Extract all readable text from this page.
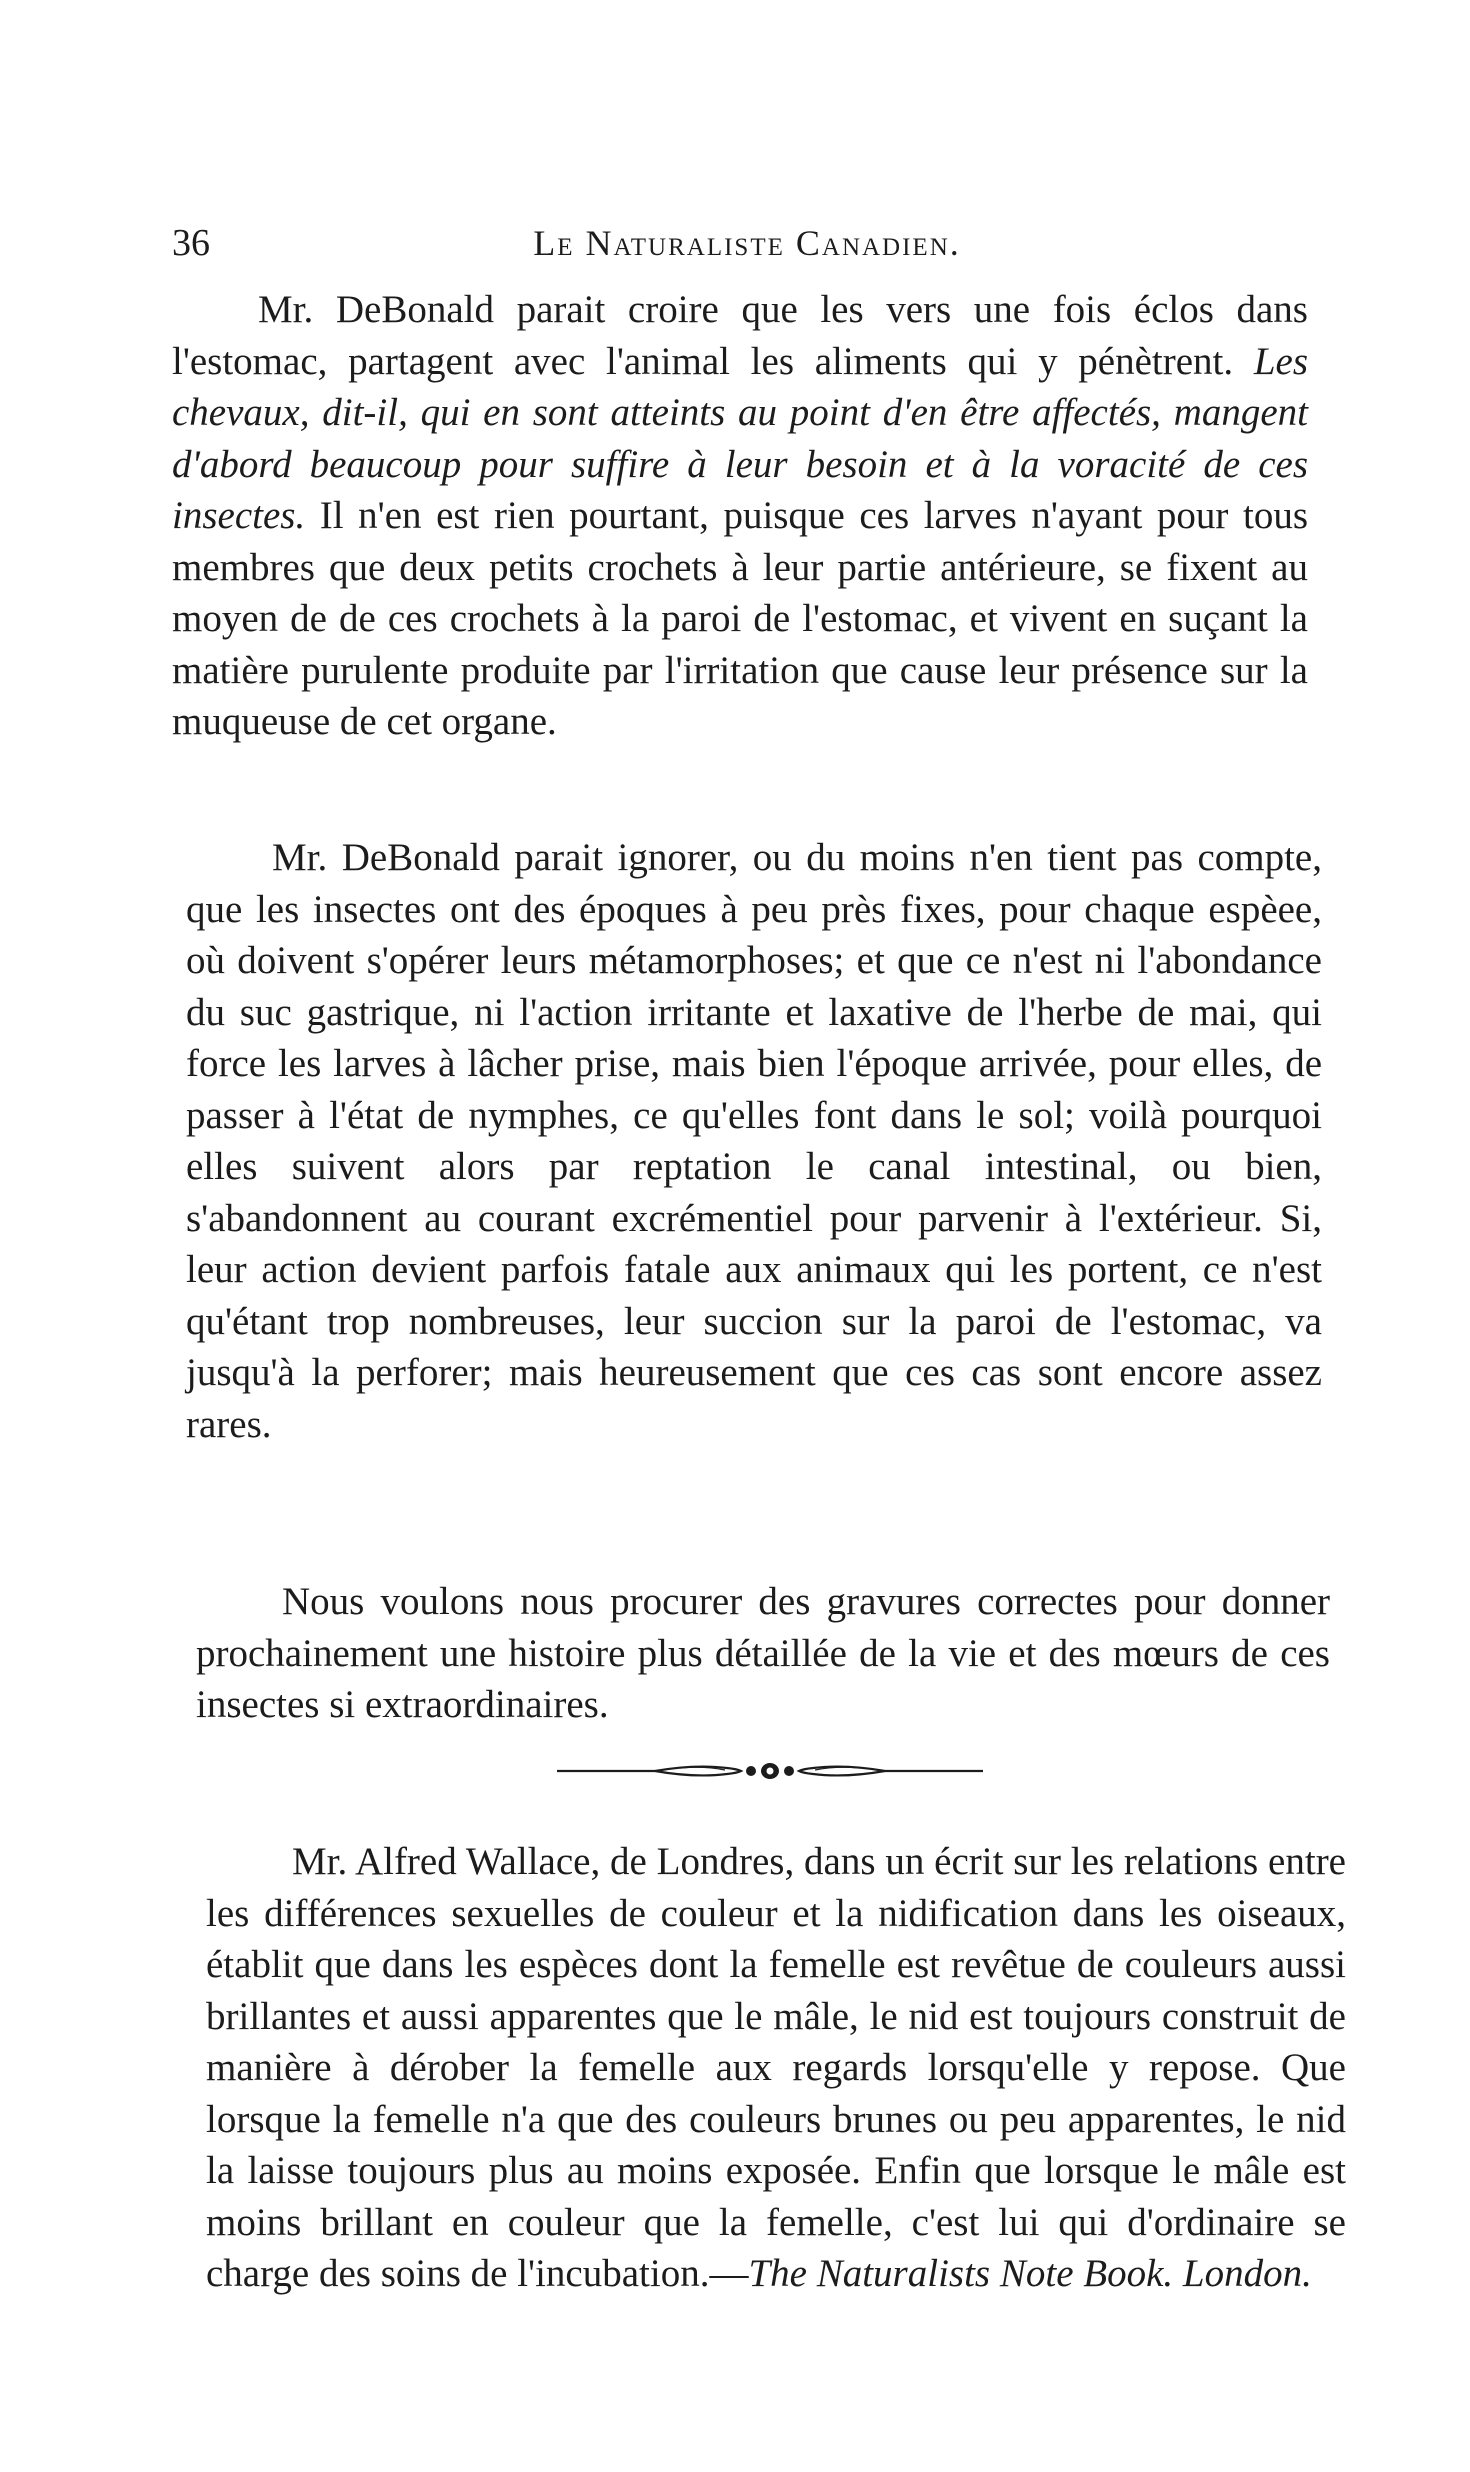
36	Le Naturaliste Canadien.

Mr. DeBonald parait croire que les vers une fois éclos dans l'estomac, partagent avec l'animal les aliments qui y pénètrent. Les chevaux, dit-il, qui en sont atteints au point d'en être affectés, mangent d'abord beaucoup pour suffire à leur besoin et à la voracité de ces insectes. Il n'en est rien pourtant, puisque ces larves n'ayant pour tous membres que deux petits crochets à leur partie antérieure, se fixent au moyen de de ces crochets à la paroi de l'estomac, et vivent en suçant la matière purulente produite par l'irritation que cause leur présence sur la muqueuse de cet organe.

Mr. DeBonald parait ignorer, ou du moins n'en tient pas compte, que les insectes ont des époques à peu près fixes, pour chaque espèee, où doivent s'opérer leurs métamorphoses; et que ce n'est ni l'abondance du suc gastrique, ni l'action irritante et laxative de l'herbe de mai, qui force les larves à lâcher prise, mais bien l'époque arrivée, pour elles, de passer à l'état de nymphes, ce qu'elles font dans le sol; voilà pourquoi elles suivent alors par reptation le canal intestinal, ou bien, s'abandonnent au courant excrémentiel pour parvenir à l'extérieur. Si, leur action devient parfois fatale aux animaux qui les portent, ce n'est qu'étant trop nombreuses, leur succion sur la paroi de l'estomac, va jusqu'à la perforer; mais heureusement que ces cas sont encore assez rares.

Nous voulons nous procurer des gravures correctes pour donner prochainement une histoire plus détaillée de la vie et des mœurs de ces insectes si extraordinaires.

Mr. Alfred Wallace, de Londres, dans un écrit sur les relations entre les différences sexuelles de couleur et la nidification dans les oiseaux, établit que dans les espèces dont la femelle est revêtue de couleurs aussi brillantes et aussi apparentes que le mâle, le nid est toujours construit de manière à dérober la femelle aux regards lorsqu'elle y repose. Que lorsque la femelle n'a que des couleurs brunes ou peu apparentes, le nid la laisse toujours plus au moins exposée. Enfin que lorsque le mâle est moins brillant en couleur que la femelle, c'est lui qui d'ordinaire se charge des soins de l'incubation.—The Naturalists Note Book. London.
